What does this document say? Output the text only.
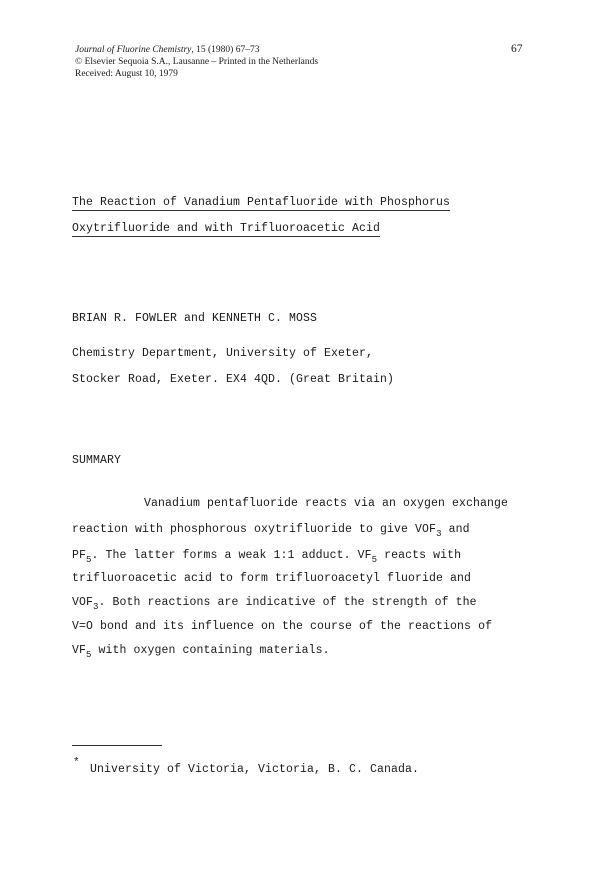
Journal of Fluorine Chemistry, 15 (1980) 67–73
© Elsevier Sequoia S.A., Lausanne – Printed in the Netherlands
Received: August 10, 1979
67
The Reaction of Vanadium Pentafluoride with Phosphorus
Oxytrifluoride and with Trifluoroacetic Acid
BRIAN R. FOWLER and KENNETH C. MOSS
Chemistry Department, University of Exeter,
Stocker Road, Exeter. EX4 4QD. (Great Britain)
SUMMARY
Vanadium pentafluoride reacts via an oxygen exchange
reaction with phosphorous oxytrifluoride to give $VOF_3$ and
$PF_5$. The latter forms a weak 1:1 adduct. $VF_5$ reacts with
trifluoroacetic acid to form trifluoroacetyl fluoride and
$VOF_3$. Both reactions are indicative of the strength of the
V=O bond and its influence on the course of the reactions of
$VF_5$ with oxygen containing materials.
* University of Victoria, Victoria, B. C. Canada.
